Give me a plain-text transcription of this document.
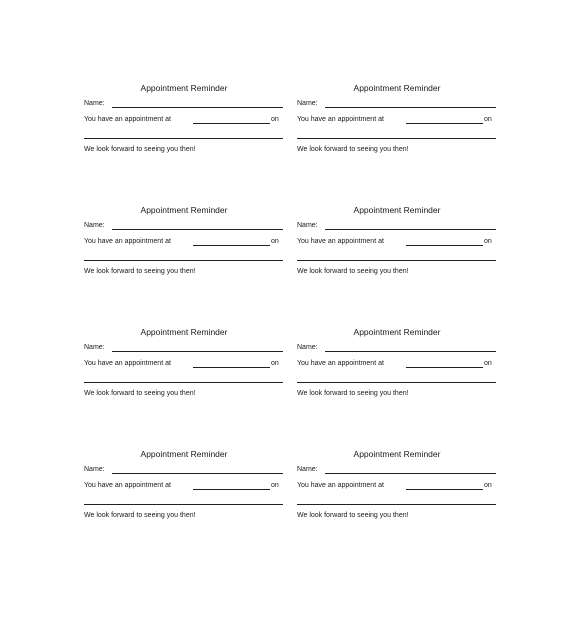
Appointment Reminder
Name:
You have an appointment at	on
We look forward to seeing you then!
Appointment Reminder
Name:
You have an appointment at	on
We look forward to seeing you then!
Appointment Reminder
Name:
You have an appointment at	on
We look forward to seeing you then!
Appointment Reminder
Name:
You have an appointment at	on
We look forward to seeing you then!
Appointment Reminder
Name:
You have an appointment at	on
We look forward to seeing you then!
Appointment Reminder
Name:
You have an appointment at	on
We look forward to seeing you then!
Appointment Reminder
Name:
You have an appointment at	on
We look forward to seeing you then!
Appointment Reminder
Name:
You have an appointment at	on
We look forward to seeing you then!
